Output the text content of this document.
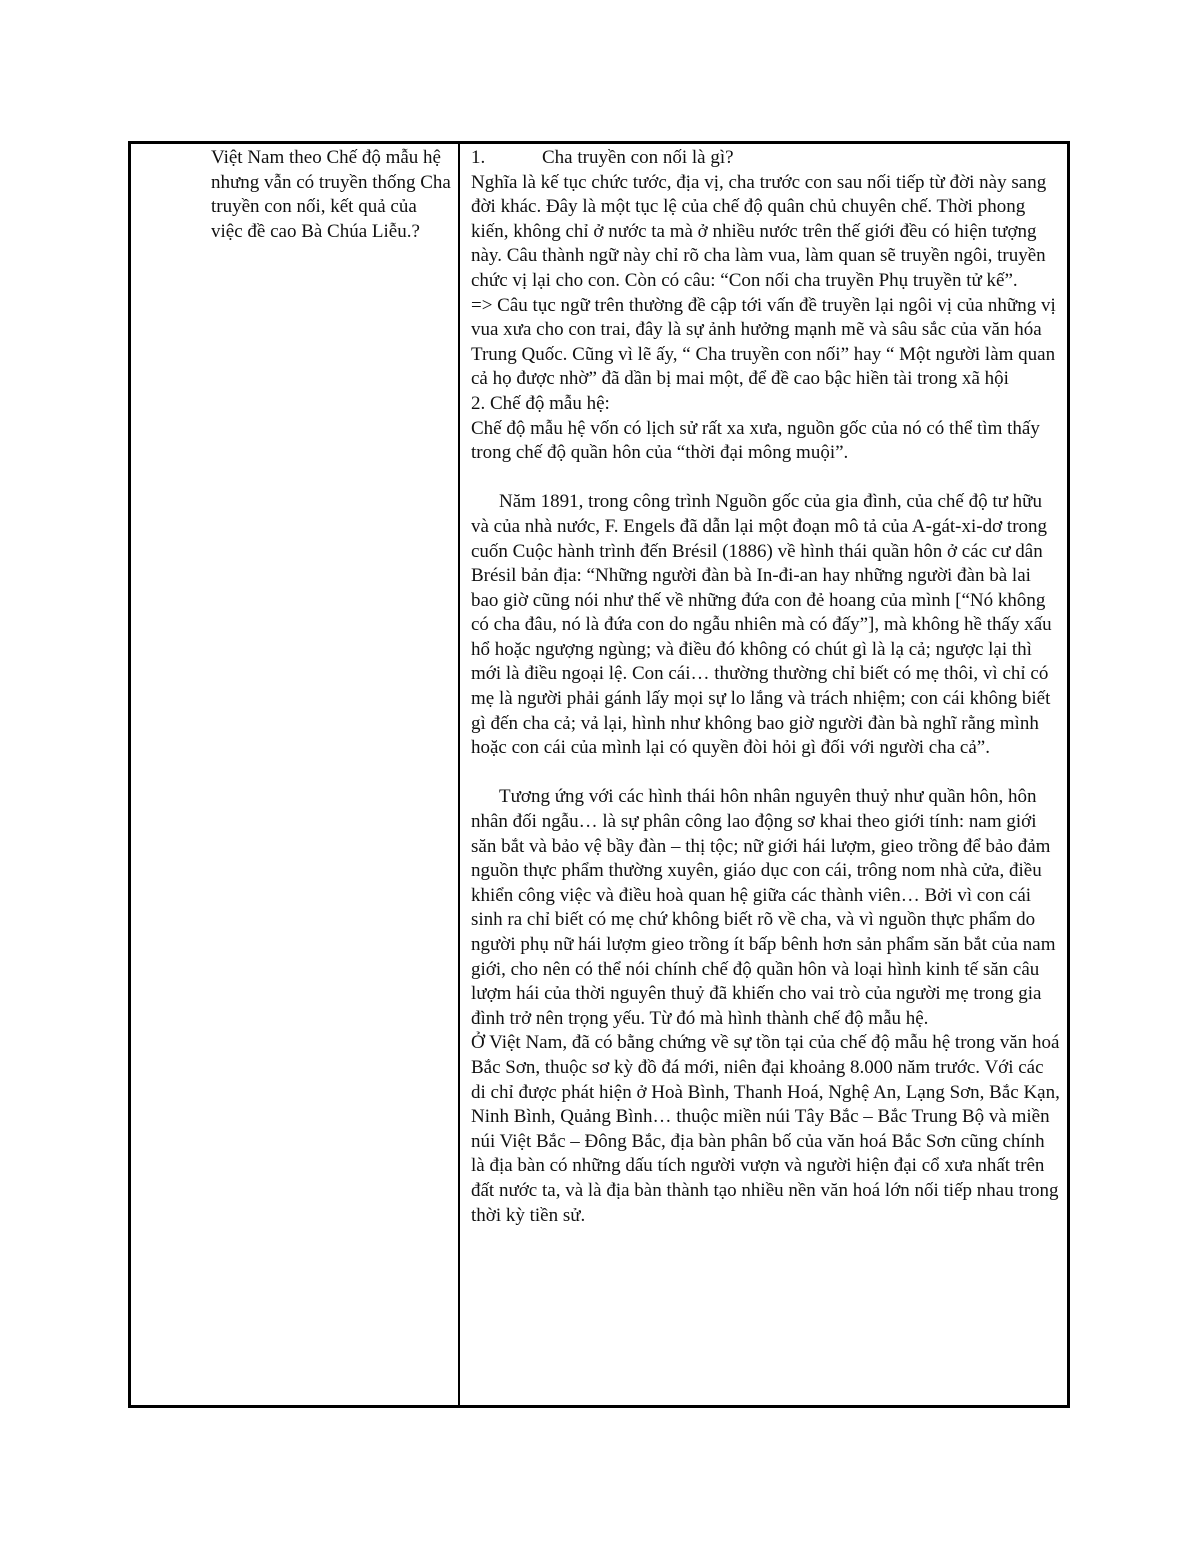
Việt Nam theo Chế độ mẫu hệ nhưng vẫn có truyền thống Cha truyền con nối, kết quả của việc đề cao Bà Chúa Liễu.?

1.	Cha truyền con nối là gì?

Nghĩa là kế tục chức tước, địa vị, cha trước con sau nối tiếp từ đời này sang đời khác. Đây là một tục lệ của chế độ quân chủ chuyên chế. Thời phong kiến, không chỉ ở nước ta mà ở nhiều nước trên thế giới đều có hiện tượng này. Câu thành ngữ này chỉ rõ cha làm vua, làm quan sẽ truyền ngôi, truyền chức vị lại cho con. Còn có câu: “Con nối cha truyền Phụ truyền tử kế”.

=> Câu tục ngữ trên thường đề cập tới vấn đề truyền lại ngôi vị của những vị vua xưa cho con trai, đây là sự ảnh hưởng mạnh mẽ và sâu sắc của văn hóa Trung Quốc. Cũng vì lẽ ấy, “ Cha truyền con nối” hay “ Một người làm quan cả họ được nhờ” đã dần bị mai một, để đề cao bậc hiền tài trong xã hội

2. Chế độ mẫu hệ:

Chế độ mẫu hệ vốn có lịch sử rất xa xưa, nguồn gốc của nó có thể tìm thấy trong chế độ quần hôn của “thời đại mông muội”.

Năm 1891, trong công trình Nguồn gốc của gia đình, của chế độ tư hữu và của nhà nước, F. Engels đã dẫn lại một đoạn mô tả của A-gát-xi-dơ trong cuốn Cuộc hành trình đến Brésil (1886) về hình thái quần hôn ở các cư dân Brésil bản địa: “Những người đàn bà In-đi-an hay những người đàn bà lai bao giờ cũng nói như thế về những đứa con đẻ hoang của mình [“Nó không có cha đâu, nó là đứa con do ngẫu nhiên mà có đấy”], mà không hề thấy xấu hổ hoặc ngượng ngùng; và điều đó không có chút gì là lạ cả; ngược lại thì mới là điều ngoại lệ. Con cái… thường thường chỉ biết có mẹ thôi, vì chỉ có mẹ là người phải gánh lấy mọi sự lo lắng và trách nhiệm; con cái không biết gì đến cha cả; vả lại, hình như không bao giờ người đàn bà nghĩ rằng mình hoặc con cái của mình lại có quyền đòi hỏi gì đối với người cha cả”.

Tương ứng với các hình thái hôn nhân nguyên thuỷ như quần hôn, hôn nhân đối ngẫu… là sự phân công lao động sơ khai theo giới tính: nam giới săn bắt và bảo vệ bầy đàn – thị tộc; nữ giới hái lượm, gieo trồng để bảo đảm nguồn thực phẩm thường xuyên, giáo dục con cái, trông nom nhà cửa, điều khiển công việc và điều hoà quan hệ giữa các thành viên… Bởi vì con cái sinh ra chỉ biết có mẹ chứ không biết rõ về cha, và vì nguồn thực phẩm do người phụ nữ hái lượm gieo trồng ít bấp bênh hơn sản phẩm săn bắt của nam giới, cho nên có thể nói chính chế độ quần hôn và loại hình kinh tế săn câu lượm hái của thời nguyên thuỷ đã khiến cho vai trò của người mẹ trong gia đình trở nên trọng yếu. Từ đó mà hình thành chế độ mẫu hệ.

Ở Việt Nam, đã có bằng chứng về sự tồn tại của chế độ mẫu hệ trong văn hoá Bắc Sơn, thuộc sơ kỳ đồ đá mới, niên đại khoảng 8.000 năm trước. Với các di chỉ được phát hiện ở Hoà Bình, Thanh Hoá, Nghệ An, Lạng Sơn, Bắc Kạn, Ninh Bình, Quảng Bình… thuộc miền núi Tây Bắc – Bắc Trung Bộ và miền núi Việt Bắc – Đông Bắc, địa bàn phân bố của văn hoá Bắc Sơn cũng chính là địa bàn có những dấu tích người vượn và người hiện đại cổ xưa nhất trên đất nước ta, và là địa bàn thành tạo nhiều nền văn hoá lớn nối tiếp nhau trong thời kỳ tiền sử.
